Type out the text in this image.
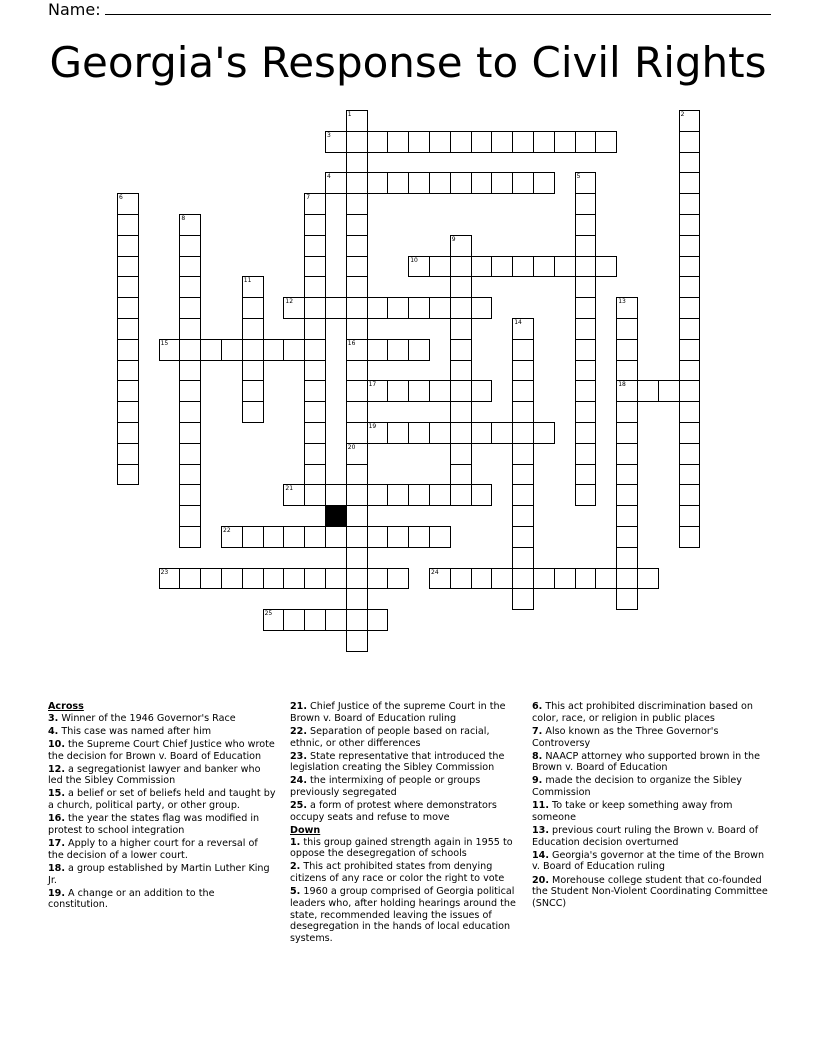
Name:
Georgia's Response to Civil Rights
1	2
3
4	5
6	7
8
9
10
11
12	13
14
15	16
17	18
19
20
21
22
23	24
25
Across
3. Winner of the 1946 Governor's Race
4. This case was named after him
10. the Supreme Court Chief Justice who wrote the decision for Brown v. Board of Education
12. a segregationist lawyer and banker who led the Sibley Commission
15. a belief or set of beliefs held and taught by a church, political party, or other group.
16. the year the states flag was modified in protest to school integration
17. Apply to a higher court for a reversal of the decision of a lower court.
18. a group established by Martin Luther King Jr.
19. A change or an addition to the constitution.
21. Chief Justice of the supreme Court in the Brown v. Board of Education ruling
22. Separation of people based on racial, ethnic, or other differences
23. State representative that introduced the legislation creating the Sibley Commission
24. the intermixing of people or groups previously segregated
25. a form of protest where demonstrators occupy seats and refuse to move
Down
1. this group gained strength again in 1955 to oppose the desegregation of schools
2. This act prohibited states from denying citizens of any race or color the right to vote
5. 1960 a group comprised of Georgia political leaders who, after holding hearings around the state, recommended leaving the issues of desegregation in the hands of local education systems.
6. This act prohibited discrimination based on color, race, or religion in public places
7. Also known as the Three Governor's Controversy
8. NAACP attorney who supported brown in the Brown v. Board of Education
9. made the decision to organize the Sibley Commission
11. To take or keep something away from someone
13. previous court ruling the Brown v. Board of Education decision overturned
14. Georgia's governor at the time of the Brown v. Board of Education ruling
20. Morehouse college student that co-founded the Student Non-Violent Coordinating Committee (SNCC)
